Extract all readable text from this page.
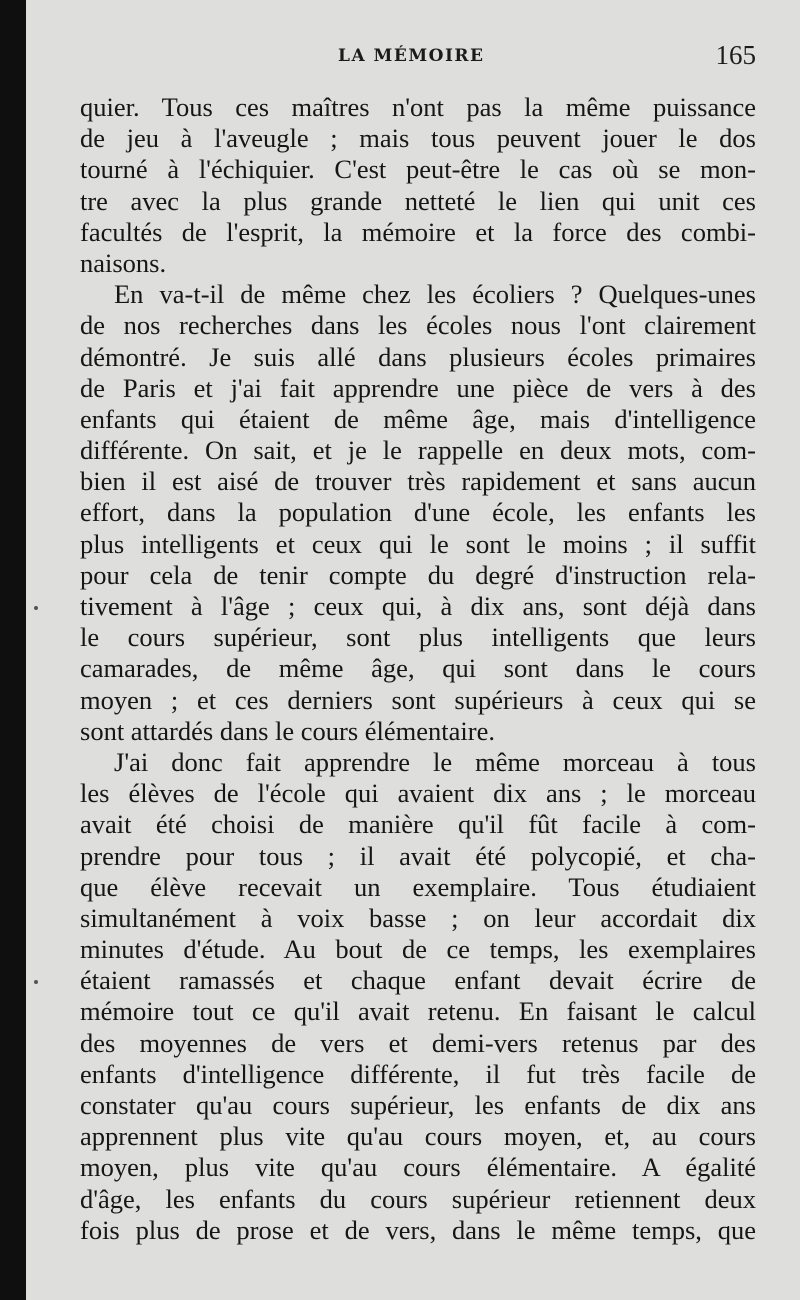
LA MÉMOIRE	165
quier. Tous ces maîtres n'ont pas la même puissance
de jeu à l'aveugle ; mais tous peuvent jouer le dos
tourné à l'échiquier. C'est peut-être le cas où se mon-
tre avec la plus grande netteté le lien qui unit ces
facultés de l'esprit, la mémoire et la force des combi-
naisons.
En va-t-il de même chez les écoliers ? Quelques-unes
de nos recherches dans les écoles nous l'ont clairement
démontré. Je suis allé dans plusieurs écoles primaires
de Paris et j'ai fait apprendre une pièce de vers à des
enfants qui étaient de même âge, mais d'intelligence
différente. On sait, et je le rappelle en deux mots, com-
bien il est aisé de trouver très rapidement et sans aucun
effort, dans la population d'une école, les enfants les
plus intelligents et ceux qui le sont le moins ; il suffit
pour cela de tenir compte du degré d'instruction rela-
tivement à l'âge ; ceux qui, à dix ans, sont déjà dans
le cours supérieur, sont plus intelligents que leurs
camarades, de même âge, qui sont dans le cours
moyen ; et ces derniers sont supérieurs à ceux qui se
sont attardés dans le cours élémentaire.
J'ai donc fait apprendre le même morceau à tous
les élèves de l'école qui avaient dix ans ; le morceau
avait été choisi de manière qu'il fût facile à com-
prendre pour tous ; il avait été polycopié, et cha-
que élève recevait un exemplaire. Tous étudiaient
simultanément à voix basse ; on leur accordait dix
minutes d'étude. Au bout de ce temps, les exemplaires
étaient ramassés et chaque enfant devait écrire de
mémoire tout ce qu'il avait retenu. En faisant le calcul
des moyennes de vers et demi-vers retenus par des
enfants d'intelligence différente, il fut très facile de
constater qu'au cours supérieur, les enfants de dix ans
apprennent plus vite qu'au cours moyen, et, au cours
moyen, plus vite qu'au cours élémentaire. A égalité
d'âge, les enfants du cours supérieur retiennent deux
fois plus de prose et de vers, dans le même temps, que
